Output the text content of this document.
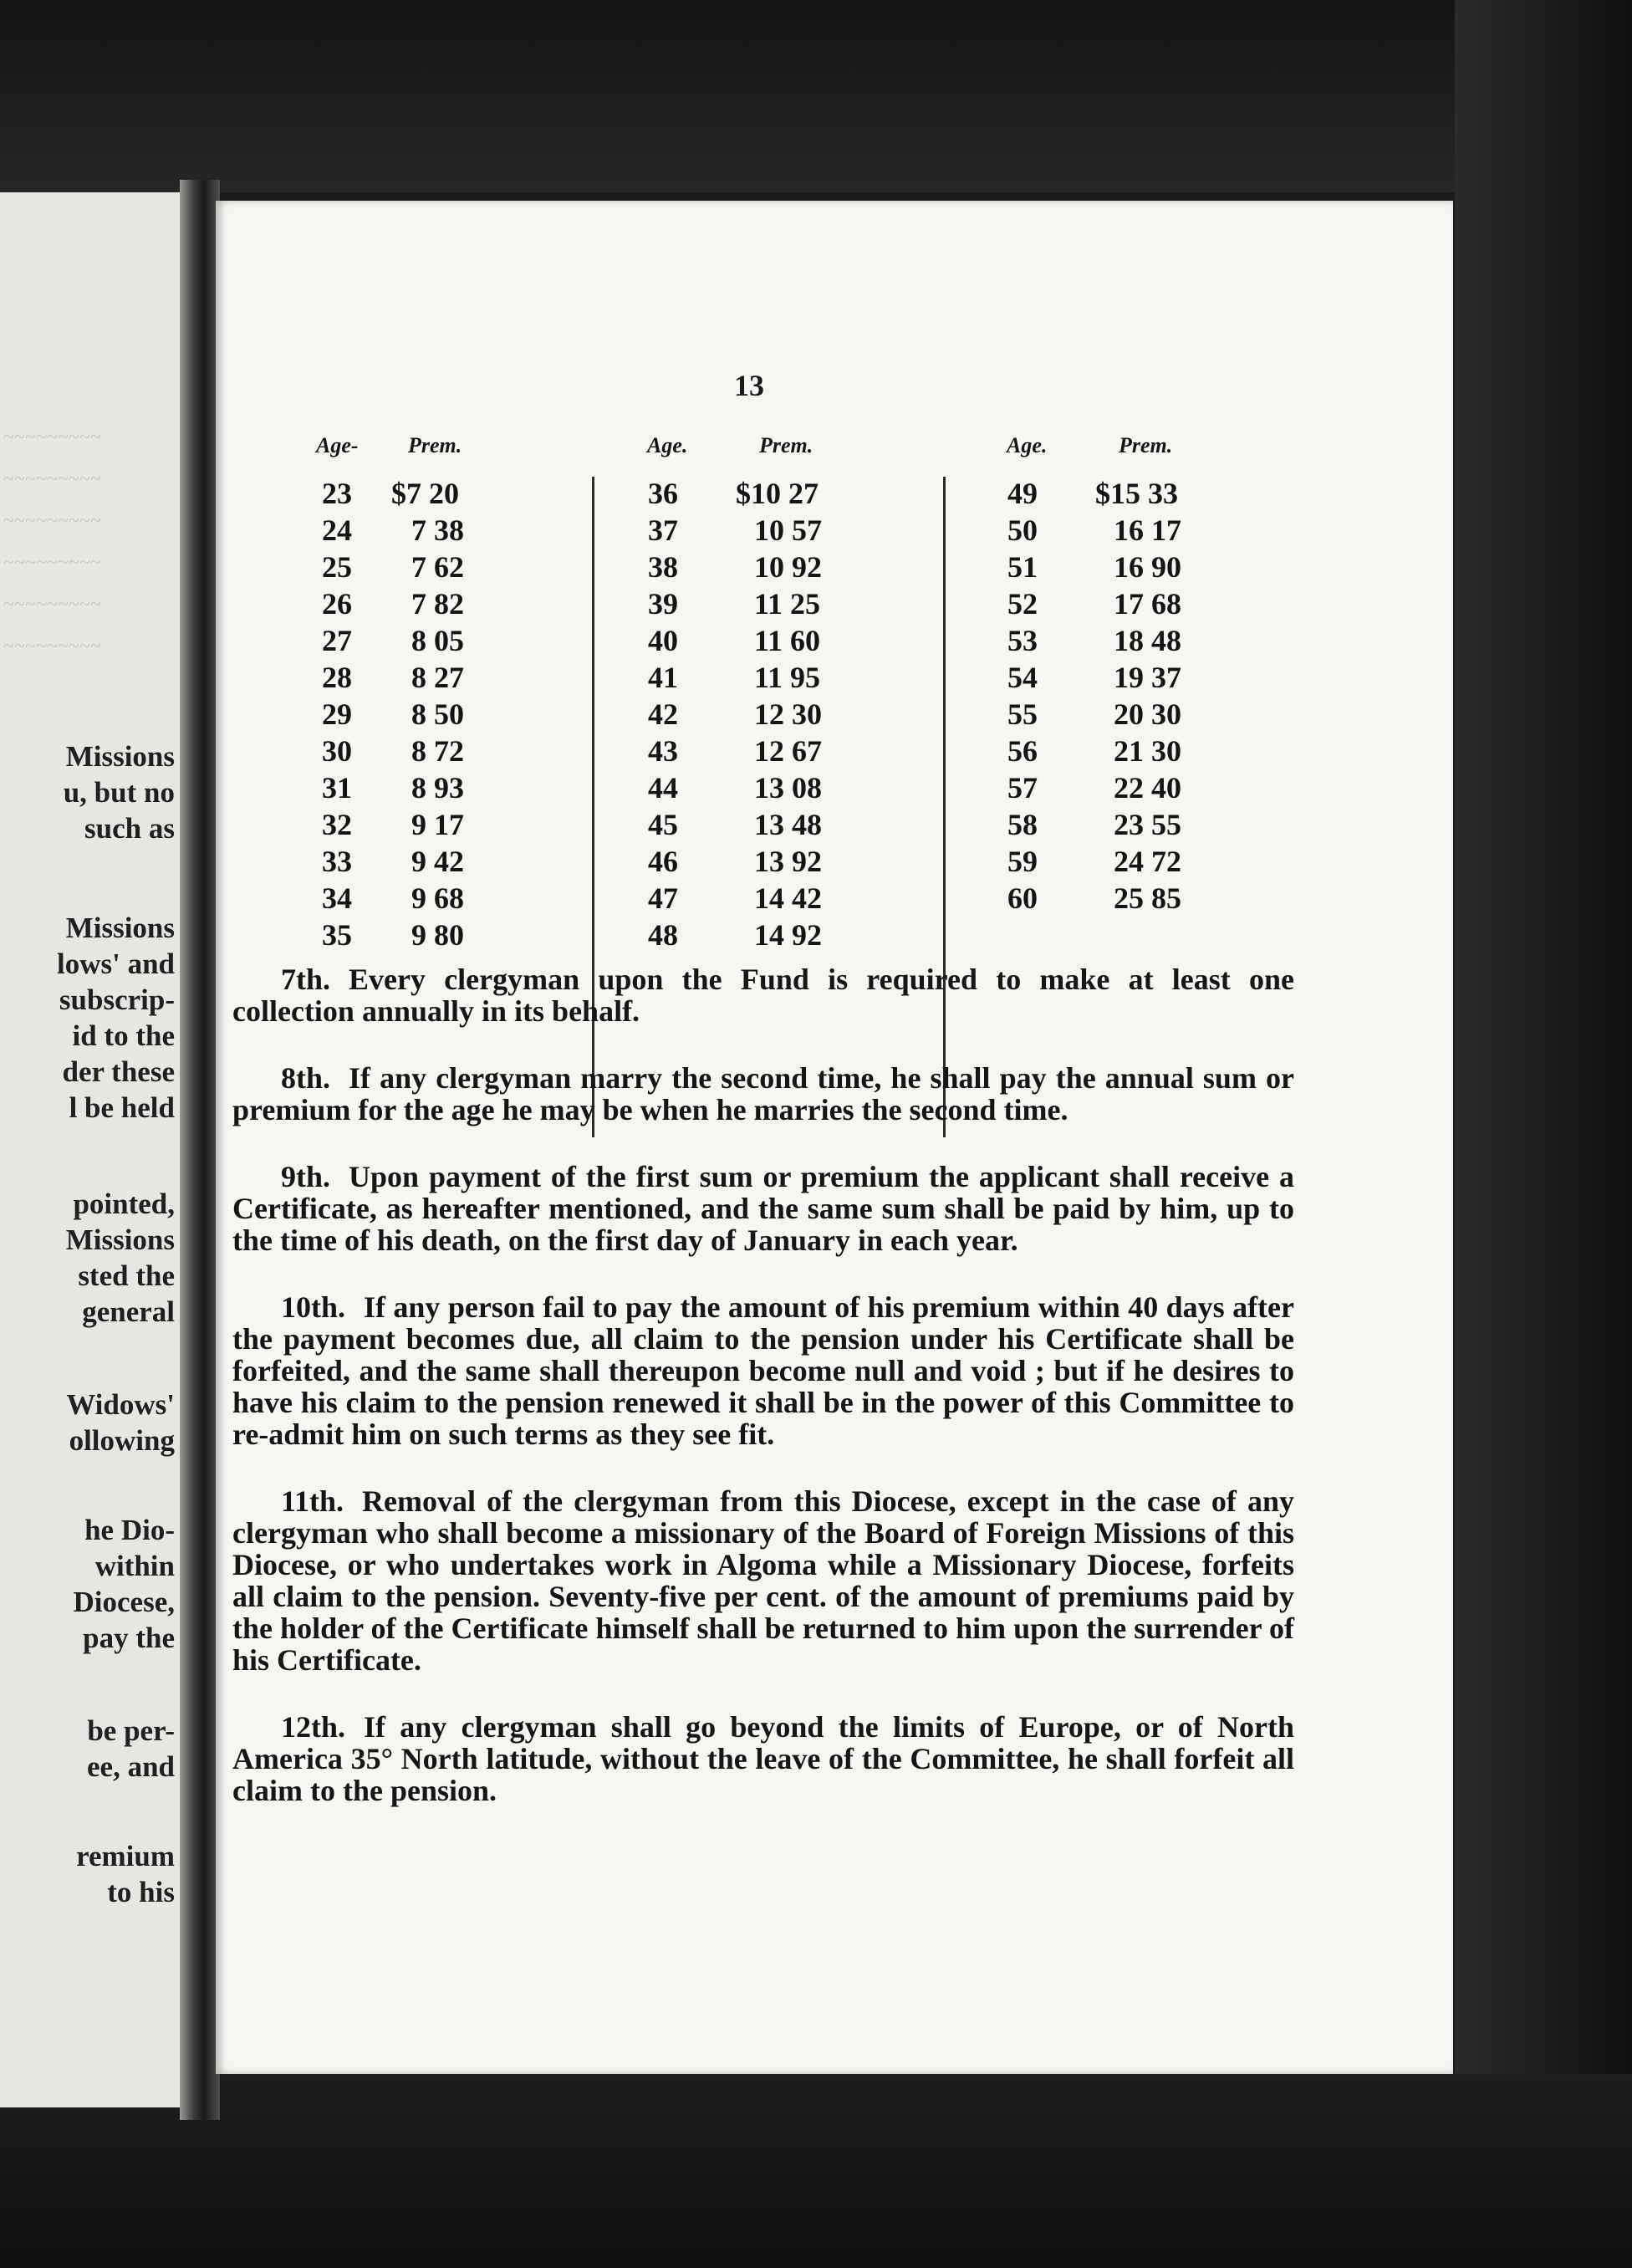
~~~~~~~~~
~~~~~~~~~
~~~~~~~~~
~~~~~~~~~
~~~~~~~~~
~~~~~~~~~
Missions
u, but no
such as
Missions
lows' and
subscrip-
id to the
der these
l be held
pointed,
Missions
sted the
general
Widows'
ollowing
he Dio-
within
Diocese,
pay the
be per-
ee, and
remium
to his
13
Age- Prem.
23	$7 20
24	7 38
25	7 62
26	7 82
27	8 05
28	8 27
29	8 50
30	8 72
31	8 93
32	9 17
33	9 42
34	9 68
35	9 80
Age.	Prem.
36	$10 27
37	10 57
38	10 92
39	11 25
40	11 60
41	11 95
42	12 30
43	12 67
44	13 08
45	13 48
46	13 92
47	14 42
48	14 92
Age.	Prem.
49	$15 33
50	16 17
51	16 90
52	17 68
53	18 48
54	19 37
55	20 30
56	21 30
57	22 40
58	23 55
59	24 72
60	25 85

7th. Every clergyman upon the Fund is required to make at least one collection annually in its behalf.

8th. If any clergyman marry the second time, he shall pay the annual sum or premium for the age he may be when he marries the second time.

9th. Upon payment of the first sum or premium the applicant shall receive a Certificate, as hereafter mentioned, and the same sum shall be paid by him, up to the time of his death, on the first day of January in each year.

10th. If any person fail to pay the amount of his premium within 40 days after the payment becomes due, all claim to the pension under his Certificate shall be forfeited, and the same shall thereupon become null and void ; but if he desires to have his claim to the pension renewed it shall be in the power of this Committee to re-admit him on such terms as they see fit.

11th. Removal of the clergyman from this Diocese, except in the case of any clergyman who shall become a missionary of the Board of Foreign Missions of this Diocese, or who undertakes work in Algoma while a Missionary Diocese, forfeits all claim to the pension. Seventy-five per cent. of the amount of premiums paid by the holder of the Certificate himself shall be returned to him upon the surrender of his Certificate.

12th. If any clergyman shall go beyond the limits of Europe, or of North America 35° North latitude, without the leave of the Committee, he shall forfeit all claim to the pension.
